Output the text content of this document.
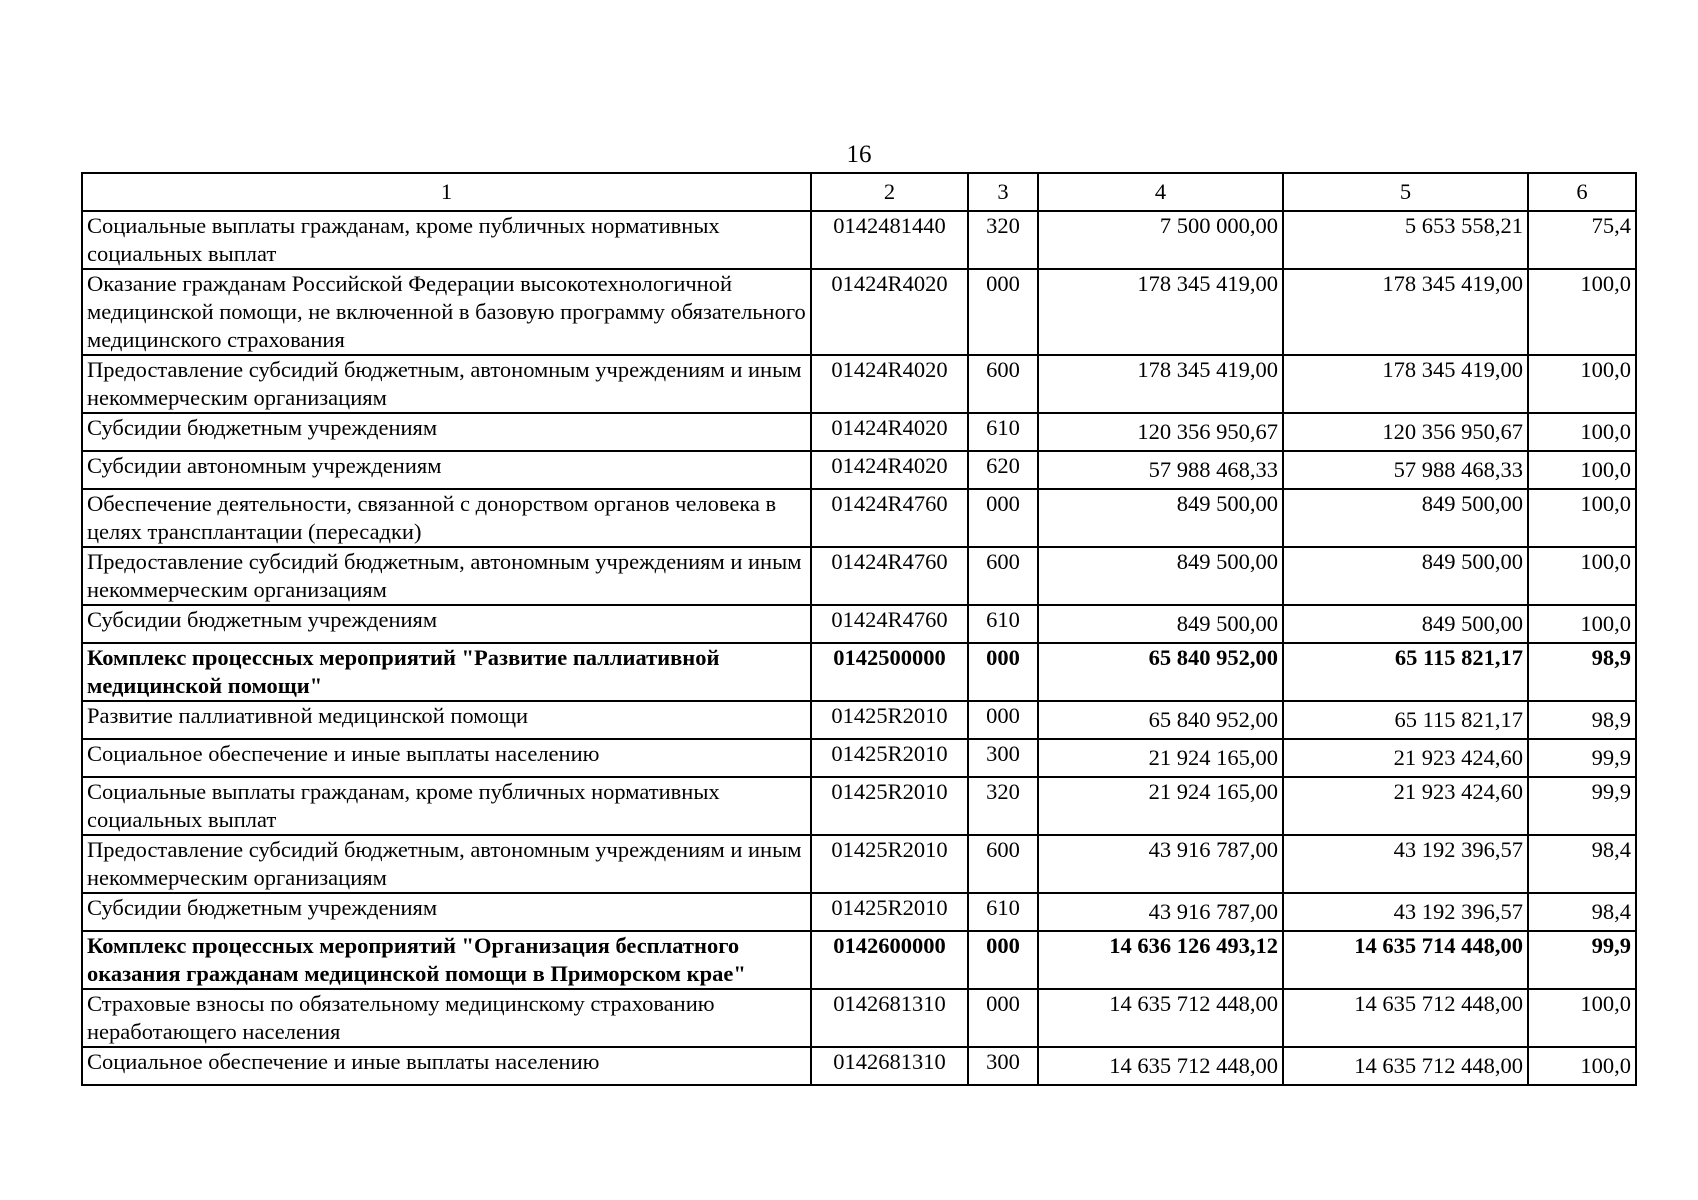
16
1	2	3	4	5	6
Социальные выплаты гражданам, кроме публичных нормативных социальных выплат	0142481440	320	7 500 000,00	5 653 558,21	75,4
Оказание гражданам Российской Федерации высокотехнологичной медицинской помощи, не включенной в базовую программу обязательного медицинского страхования	01424R4020	000	178 345 419,00	178 345 419,00	100,0
Предоставление субсидий бюджетным, автономным учреждениям и иным некоммерческим организациям	01424R4020	600	178 345 419,00	178 345 419,00	100,0
Субсидии бюджетным учреждениям	01424R4020	610	120 356 950,67	120 356 950,67	100,0
Субсидии автономным учреждениям	01424R4020	620	57 988 468,33	57 988 468,33	100,0
Обеспечение деятельности, связанной с донорством органов человека в целях трансплантации (пересадки)	01424R4760	000	849 500,00	849 500,00	100,0
Предоставление субсидий бюджетным, автономным учреждениям и иным некоммерческим организациям	01424R4760	600	849 500,00	849 500,00	100,0
Субсидии бюджетным учреждениям	01424R4760	610	849 500,00	849 500,00	100,0
Комплекс процессных мероприятий "Развитие паллиативной медицинской помощи"	0142500000	000	65 840 952,00	65 115 821,17	98,9
Развитие паллиативной медицинской помощи	01425R2010	000	65 840 952,00	65 115 821,17	98,9
Социальное обеспечение и иные выплаты населению	01425R2010	300	21 924 165,00	21 923 424,60	99,9
Социальные выплаты гражданам, кроме публичных нормативных социальных выплат	01425R2010	320	21 924 165,00	21 923 424,60	99,9
Предоставление субсидий бюджетным, автономным учреждениям и иным некоммерческим организациям	01425R2010	600	43 916 787,00	43 192 396,57	98,4
Субсидии бюджетным учреждениям	01425R2010	610	43 916 787,00	43 192 396,57	98,4
Комплекс процессных мероприятий "Организация бесплатного оказания гражданам медицинской помощи в Приморском крае"	0142600000	000	14 636 126 493,12	14 635 714 448,00	99,9
Страховые взносы по обязательному медицинскому страхованию неработающего населения	0142681310	000	14 635 712 448,00	14 635 712 448,00	100,0
Социальное обеспечение и иные выплаты населению	0142681310	300	14 635 712 448,00	14 635 712 448,00	100,0
